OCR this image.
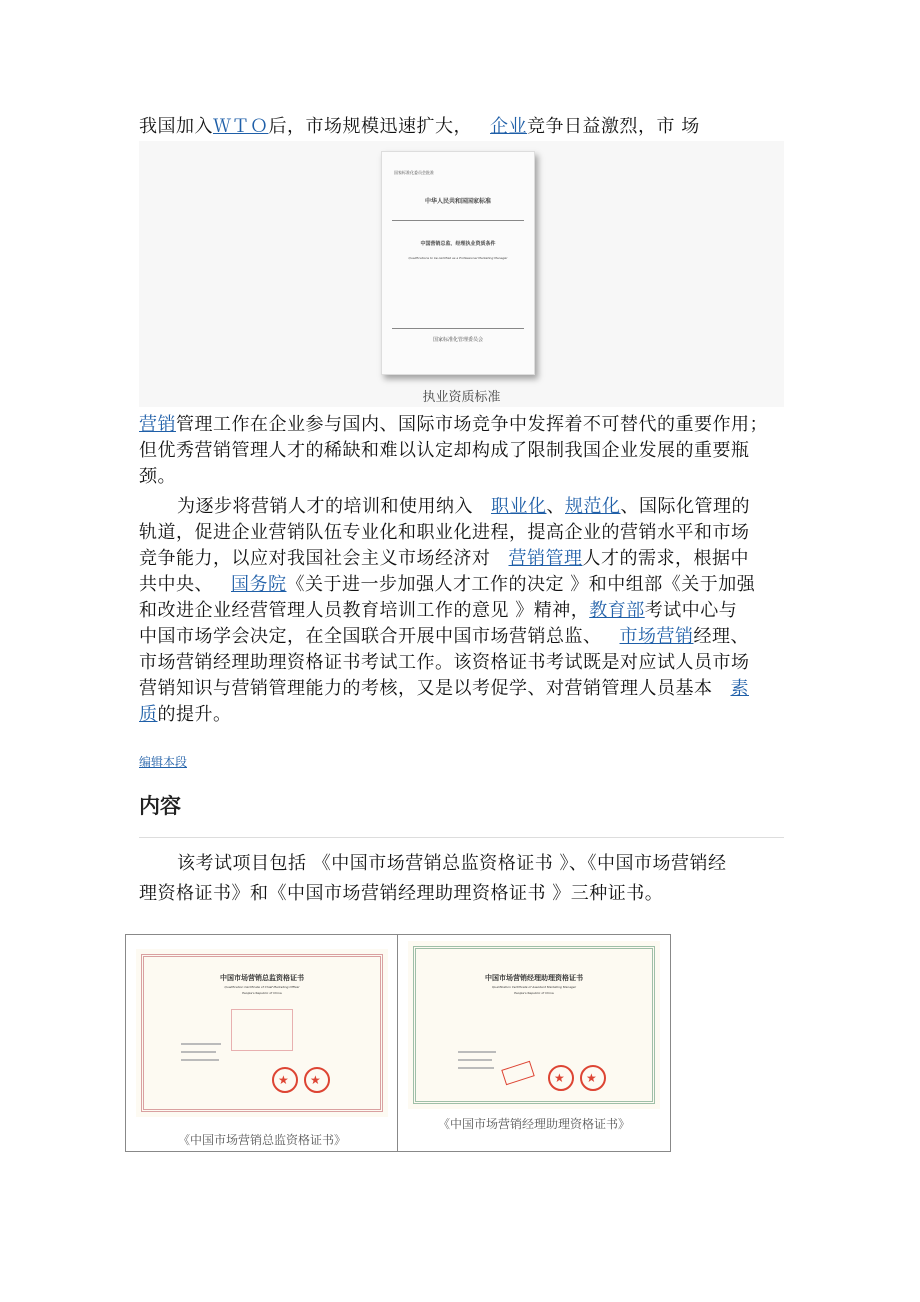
我国加入ＷＴＯ后，市场规模迅速扩大， 企业竞争日益激烈，市 场
国家标准化委员会批准
中华人民共和国国家标准
中国营销总监、经理执业资质条件
Qualifications to be certified as a Professional Marketing Manager
国家标准化管理委员会
执业资质标准
营销管理工作在企业参与国内、国际市场竞争中发挥着不可替代的重要作用；
但优秀营销管理人才的稀缺和难以认定却构成了限制我国企业发展的重要瓶
颈。
为逐步将营销人才的培训和使用纳入 职业化、规范化、国际化管理的
轨道，促进企业营销队伍专业化和职业化进程，提高企业的营销水平和市场
竞争能力，以应对我国社会主义市场经济对 营销管理人才的需求，根据中
共中央、 国务院《关于进一步加强人才工作的决定 》和中组部《关于加强
和改进企业经营管理人员教育培训工作的意见 》精神，教育部考试中心与
中国市场学会决定，在全国联合开展中国市场营销总监、 市场营销经理、
市场营销经理助理资格证书考试工作。该资格证书考试既是对应试人员市场
营销知识与营销管理能力的考核，又是以考促学、对营销管理人员基本 素
质的提升。
编辑本段
内容
该考试项目包括 《中国市场营销总监资格证书 》、《中国市场营销经
理资格证书》和《中国市场营销经理助理资格证书 》三种证书。
中国市场营销总监资格证书
Qualification Certificate of Chief Marketing Officer
People's Republic of China
★ ★
《中国市场营销总监资格证书》
中国市场营销经理助理资格证书
Qualification Certificate of Assistant Marketing Manager
People's Republic of China
★ ★
《中国市场营销经理助理资格证书》
